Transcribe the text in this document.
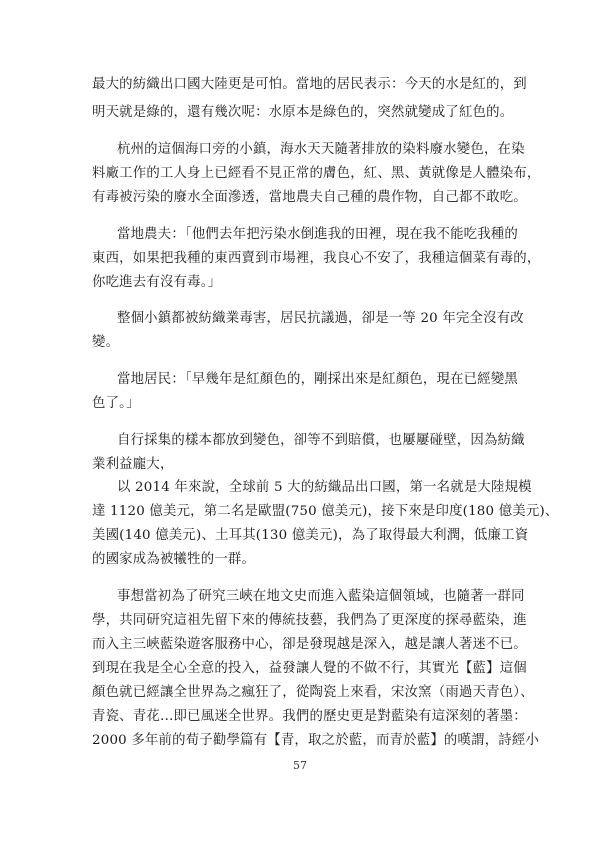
最大的紡織出口國大陸更是可怕。當地的居民表示：今天的水是紅的，到
明天就是綠的，還有幾次呢：水原本是綠色的，突然就變成了紅色的。
杭州的這個海口旁的小鎮，海水天天隨著排放的染料廢水變色，在染
料廠工作的工人身上已經看不見正常的膚色，紅、黑、黃就像是人體染布，
有毒被污染的廢水全面滲透，當地農夫自己種的農作物，自己都不敢吃。
當地農夫：「他們去年把污染水倒進我的田裡，現在我不能吃我種的
東西，如果把我種的東西賣到市場裡，我良心不安了，我種這個菜有毒的，
你吃進去有沒有毒。」
整個小鎮都被紡織業毒害，居民抗議過，卻是一等 20 年完全沒有改
變。
當地居民：「早幾年是紅顏色的，剛採出來是紅顏色，現在已經變黑
色了。」
自行採集的樣本都放到變色，卻等不到賠償，也屢屢碰壁，因為紡織
業利益龐大，
以 2014 年來說，全球前 5 大的紡織品出口國，第一名就是大陸規模
達 1120 億美元，第二名是歐盟(750 億美元)，接下來是印度(180 億美元)、
美國(140 億美元)、土耳其(130 億美元)，為了取得最大利潤，低廉工資
的國家成為被犧牲的一群。
事想當初為了研究三峽在地文史而進入藍染這個領域，也隨著一群同
學，共同研究這祖先留下來的傳統技藝，我們為了更深度的探尋藍染，進
而入主三峽藍染遊客服務中心，卻是發現越是深入，越是讓人著迷不已。
到現在我是全心全意的投入，益發讓人覺的不做不行，其實光【藍】這個
顏色就已經讓全世界為之瘋狂了，從陶瓷上來看，宋汝窯（雨過天青色）、
青瓷、青花…即已風迷全世界。我們的歷史更是對藍染有這深刻的著墨：
2000 多年前的荀子勸學篇有【青，取之於藍，而青於藍】的嘆謂，詩經小
57
